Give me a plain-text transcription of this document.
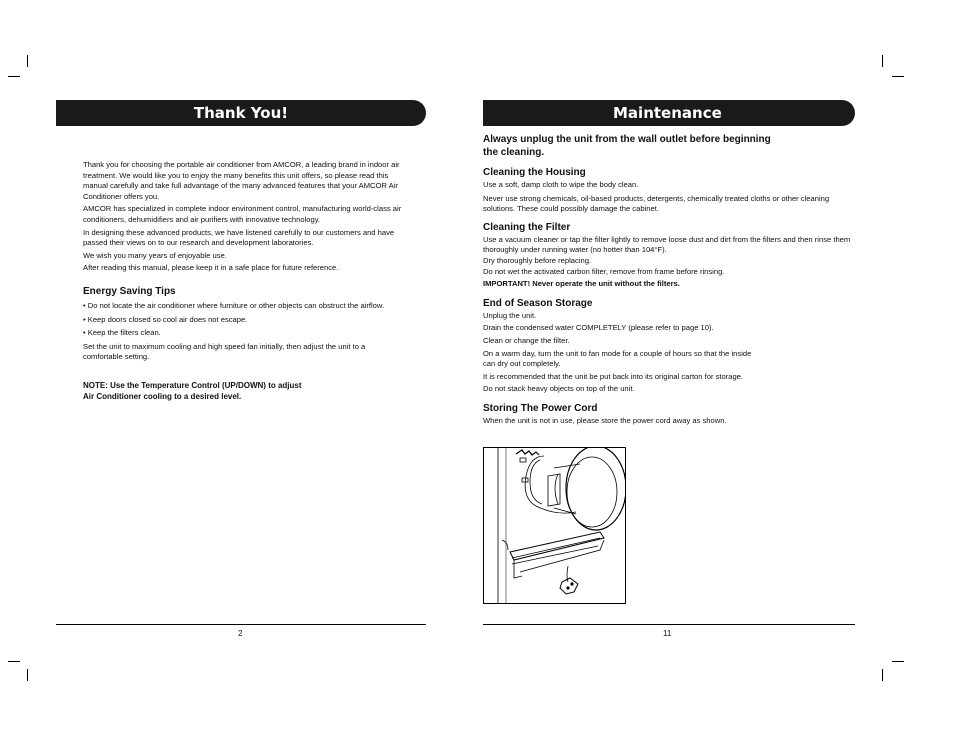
Thank You!

Thank you for choosing the portable air conditioner from AMCOR, a leading brand in indoor air treatment. We would like you to enjoy the many benefits this unit offers, so please read this manual carefully and take full advantage of the many advanced features that your AMCOR Air Conditioner offers you.

AMCOR has specialized in complete indoor environment control, manufacturing world-class air conditioners, dehumidifiers and air purifiers with innovative technology.

In designing these advanced products, we have listened carefully to our customers and have passed their views on to our research and development laboratories.

We wish you many years of enjoyable use.

After reading this manual, please keep it in a safe place for future reference.

Energy Saving Tips

• Do not locate the air conditioner where furniture or other objects can obstruct the airflow.
• Keep doors closed so cool air does not escape.
• Keep the filters clean.

Set the unit to maximum cooling and high speed fan initially, then adjust the unit to a comfortable setting.

NOTE: Use the Temperature Control (UP/DOWN) to adjust

Air Conditioner cooling to a desired level.

2
Maintenance

Always unplug the unit from the wall outlet before beginning

the cleaning.

Cleaning the Housing

Use a soft, damp cloth to wipe the body clean.

Never use strong chemicals, oil-based products, detergents, chemically treated cloths or other cleaning solutions. These could possibly damage the cabinet.

Cleaning the Filter

Use a vacuum cleaner or tap the filter lightly to remove loose dust and dirt from the filters and then rinse them thoroughly under running water (no hotter than 104°F).

Dry thoroughly before replacing.

Do not wet the activated carbon filter, remove from frame before rinsing.

IMPORTANT! Never operate the unit without the filters.

End of Season Storage

Unplug the unit.

Drain the condensed water COMPLETELY (please refer to page 10).

Clean or change the filter.

On a warm day, turn the unit to fan mode for a couple of hours so that the inside can dry out completely.

It is recommended that the unit be put back into its original carton for storage.

Do not stack heavy objects on top of the unit.

Storing The Power Cord

When the unit is not in use, please store the power cord away as shown.

11
